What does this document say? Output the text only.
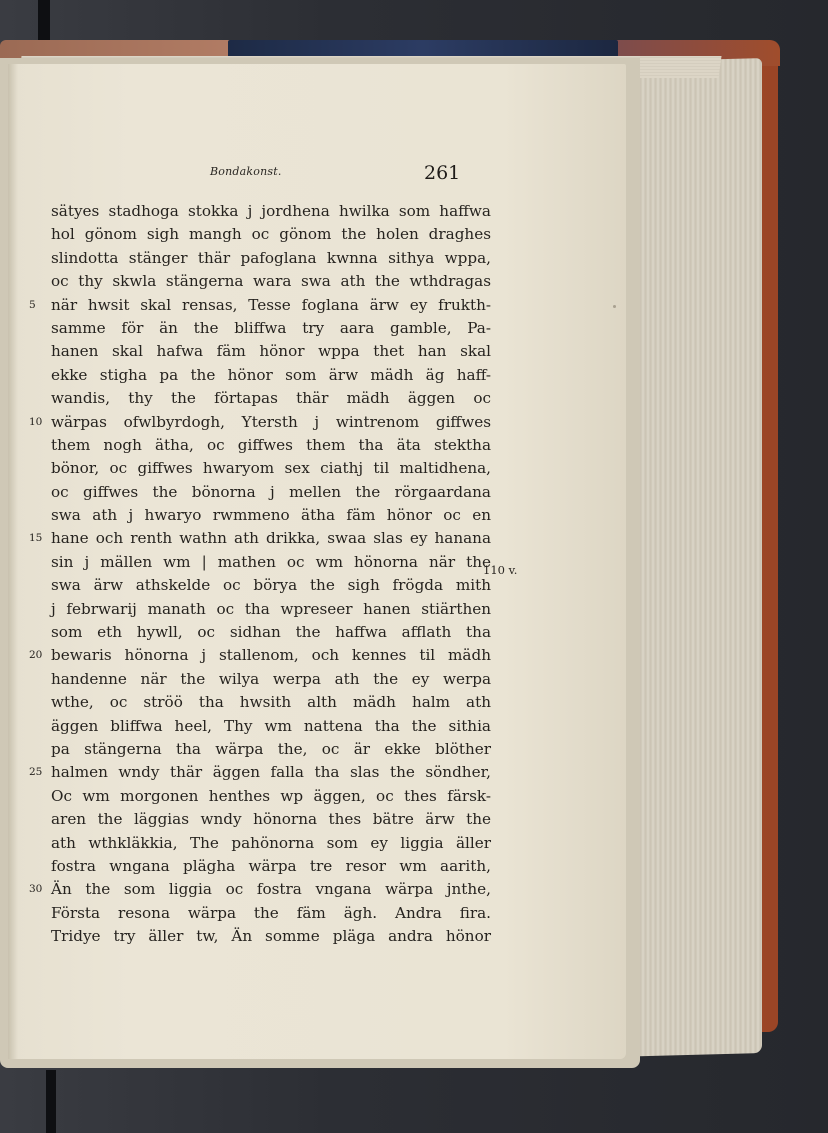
Bondakonst.	261
110 v.
sätyes stadhoga stokka j jordhena hwilka som haffwa
hol gönom sigh mangh oc gönom the holen draghes
slindotta stänger thär pafoglana kwnna sithya wppa,
oc thy skwla stängerna wara swa ath the wthdragas
när hwsit skal rensas, Tesse foglana ärw ey frukth-
5
samme för än the bliffwa try aara gamble, Pa-
hanen skal hafwa fäm hönor wppa thet han skal
ekke stigha pa the hönor som ärw mädh äg haff-
wandis, thy the förtapas thär mädh äggen oc
wärpas ofwlbyrdogh, Ytersth j wintrenom giffwes
10
them nogh ätha, oc giffwes them tha äta stektha
bönor, oc giffwes hwaryom sex ciathj til maltidhena,
oc giffwes the bönorna j mellen the rörgaardana
swa ath j hwaryo rwmmeno ätha fäm hönor oc en
hane och renth wathn ath drikka, swaa slas ey hanana
15
sin j mällen wm | mathen oc wm hönorna när the
swa ärw athskelde oc börya the sigh frögda mith
j febrwarij manath oc tha wpreseer hanen stiärthen
som eth hywll, oc sidhan the haffwa afflath tha
bewaris hönorna j stallenom, och kennes til mädh
20
handenne när the wilya werpa ath the ey werpa
wthe, oc ströö tha hwsith alth mädh halm ath
äggen bliffwa heel, Thy wm nattena tha the sithia
pa stängerna tha wärpa the, oc är ekke blöther
halmen wndy thär äggen falla tha slas the söndher,
25
Oc wm morgonen henthes wp äggen, oc thes färsk-
aren the läggias wndy hönorna thes bätre ärw the
ath wthkläkkia, The pahönorna som ey liggia äller
fostra wngana plägha wärpa tre resor wm aarith,
Än the som liggia oc fostra vngana wärpa jnthe,
30
Första resona wärpa the fäm ägh. Andra fira.
Tridye try äller tw, Än somme pläga andra hönor
